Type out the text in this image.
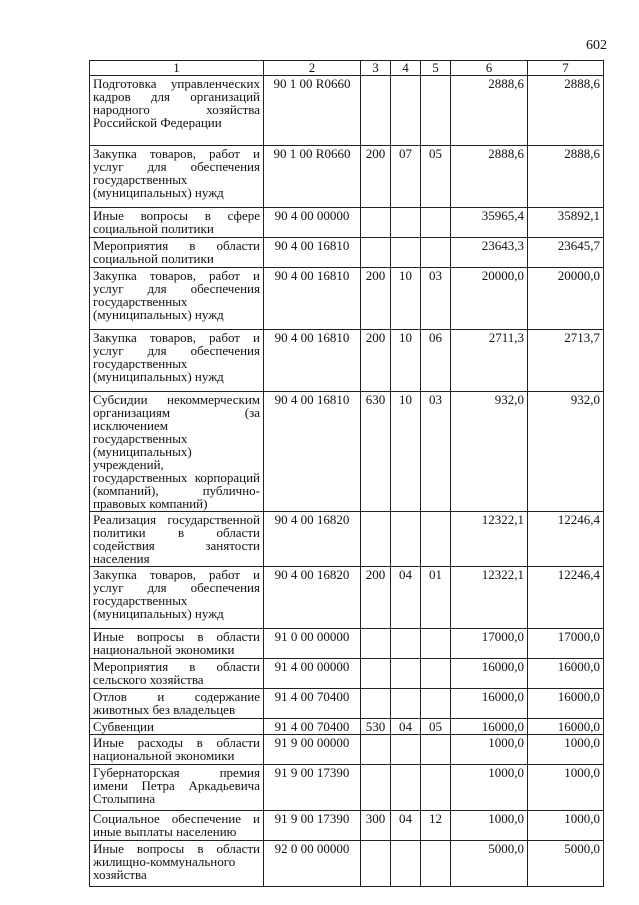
602
1	2	3	4	5	6	7
Подготовка управленческих кадров для организаций народного хозяйства Российской Федерации	90 1 00 R0660				2888,6	2888,6
Закупка товаров, работ и услуг для обеспечения государственных (муниципальных) нужд	90 1 00 R0660	200	07	05	2888,6	2888,6
Иные вопросы в сфере социальной политики	90 4 00 00000				35965,4	35892,1
Мероприятия в области социальной политики	90 4 00 16810				23643,3	23645,7
Закупка товаров, работ и услуг для обеспечения государственных (муниципальных) нужд	90 4 00 16810	200	10	03	20000,0	20000,0
Закупка товаров, работ и услуг для обеспечения государственных (муниципальных) нужд	90 4 00 16810	200	10	06	2711,3	2713,7
Субсидии некоммерческим организациям (за исключением государственных (муниципальных) учреждений, государственных корпораций (компаний), публично-правовых компаний)	90 4 00 16810	630	10	03	932,0	932,0
Реализация государственной политики в области содействия занятости населения	90 4 00 16820				12322,1	12246,4
Закупка товаров, работ и услуг для обеспечения государственных (муниципальных) нужд	90 4 00 16820	200	04	01	12322,1	12246,4
Иные вопросы в области национальной экономики	91 0 00 00000				17000,0	17000,0
Мероприятия в области сельского хозяйства	91 4 00 00000				16000,0	16000,0
Отлов и содержание животных без владельцев	91 4 00 70400				16000,0	16000,0
Субвенции	91 4 00 70400	530	04	05	16000,0	16000,0
Иные расходы в области национальной экономики	91 9 00 00000				1000,0	1000,0
Губернаторская премия имени Петра Аркадьевича Столыпина	91 9 00 17390				1000,0	1000,0
Социальное обеспечение и иные выплаты населению	91 9 00 17390	300	04	12	1000,0	1000,0
Иные вопросы в области жилищно-коммунального хозяйства	92 0 00 00000				5000,0	5000,0
